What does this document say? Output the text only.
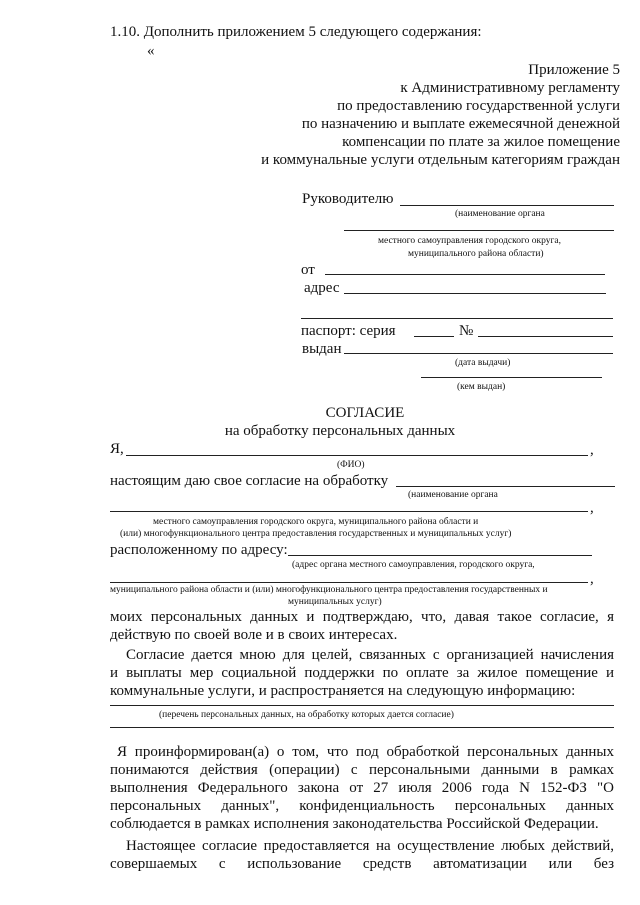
1.10. Дополнить приложением 5 следующего содержания:
«
Приложение 5
к Административному регламенту
по предоставлению государственной услуги
по назначению и выплате ежемесячной денежной
компенсации по плате за жилое помещение
и коммунальные услуги отдельным категориям граждан
Руководителю
(наименование органа
местного самоуправления городского округа,
муниципального района области)
от
адрес
паспорт: серия	№
выдан
(дата выдачи)
(кем выдан)
СОГЛАСИЕ
на обработку персональных данных
Я,	,
(ФИО)
настоящим даю свое согласие на обработку
(наименование органа
,
местного самоуправления городского округа, муниципального района области и
(или) многофункционального центра предоставления государственных и муниципальных услуг)
расположенному по адресу:
(адрес органа местного самоуправления, городского округа,
,
муниципального района области и (или) многофункционального центра предоставления государственных и
муниципальных услуг)
моих персональных данных и подтверждаю, что, давая такое согласие, я
действую по своей воле и в своих интересах.
Согласие дается мною для целей, связанных с организацией начисления
и выплаты мер социальной поддержки по оплате за жилое помещение и
коммунальные услуги, и распространяется на следующую информацию:
(перечень персональных данных, на обработку которых дается согласие)
Я проинформирован(а) о том, что под обработкой персональных данных
понимаются действия (операции) с персональными данными в рамках
выполнения Федерального закона от 27 июля 2006 года N 152-ФЗ "О
персональных данных", конфиденциальность персональных данных
соблюдается в рамках исполнения законодательства Российской Федерации.
Настоящее согласие предоставляется на осуществление любых действий,
совершаемых с использование средств автоматизации или без
